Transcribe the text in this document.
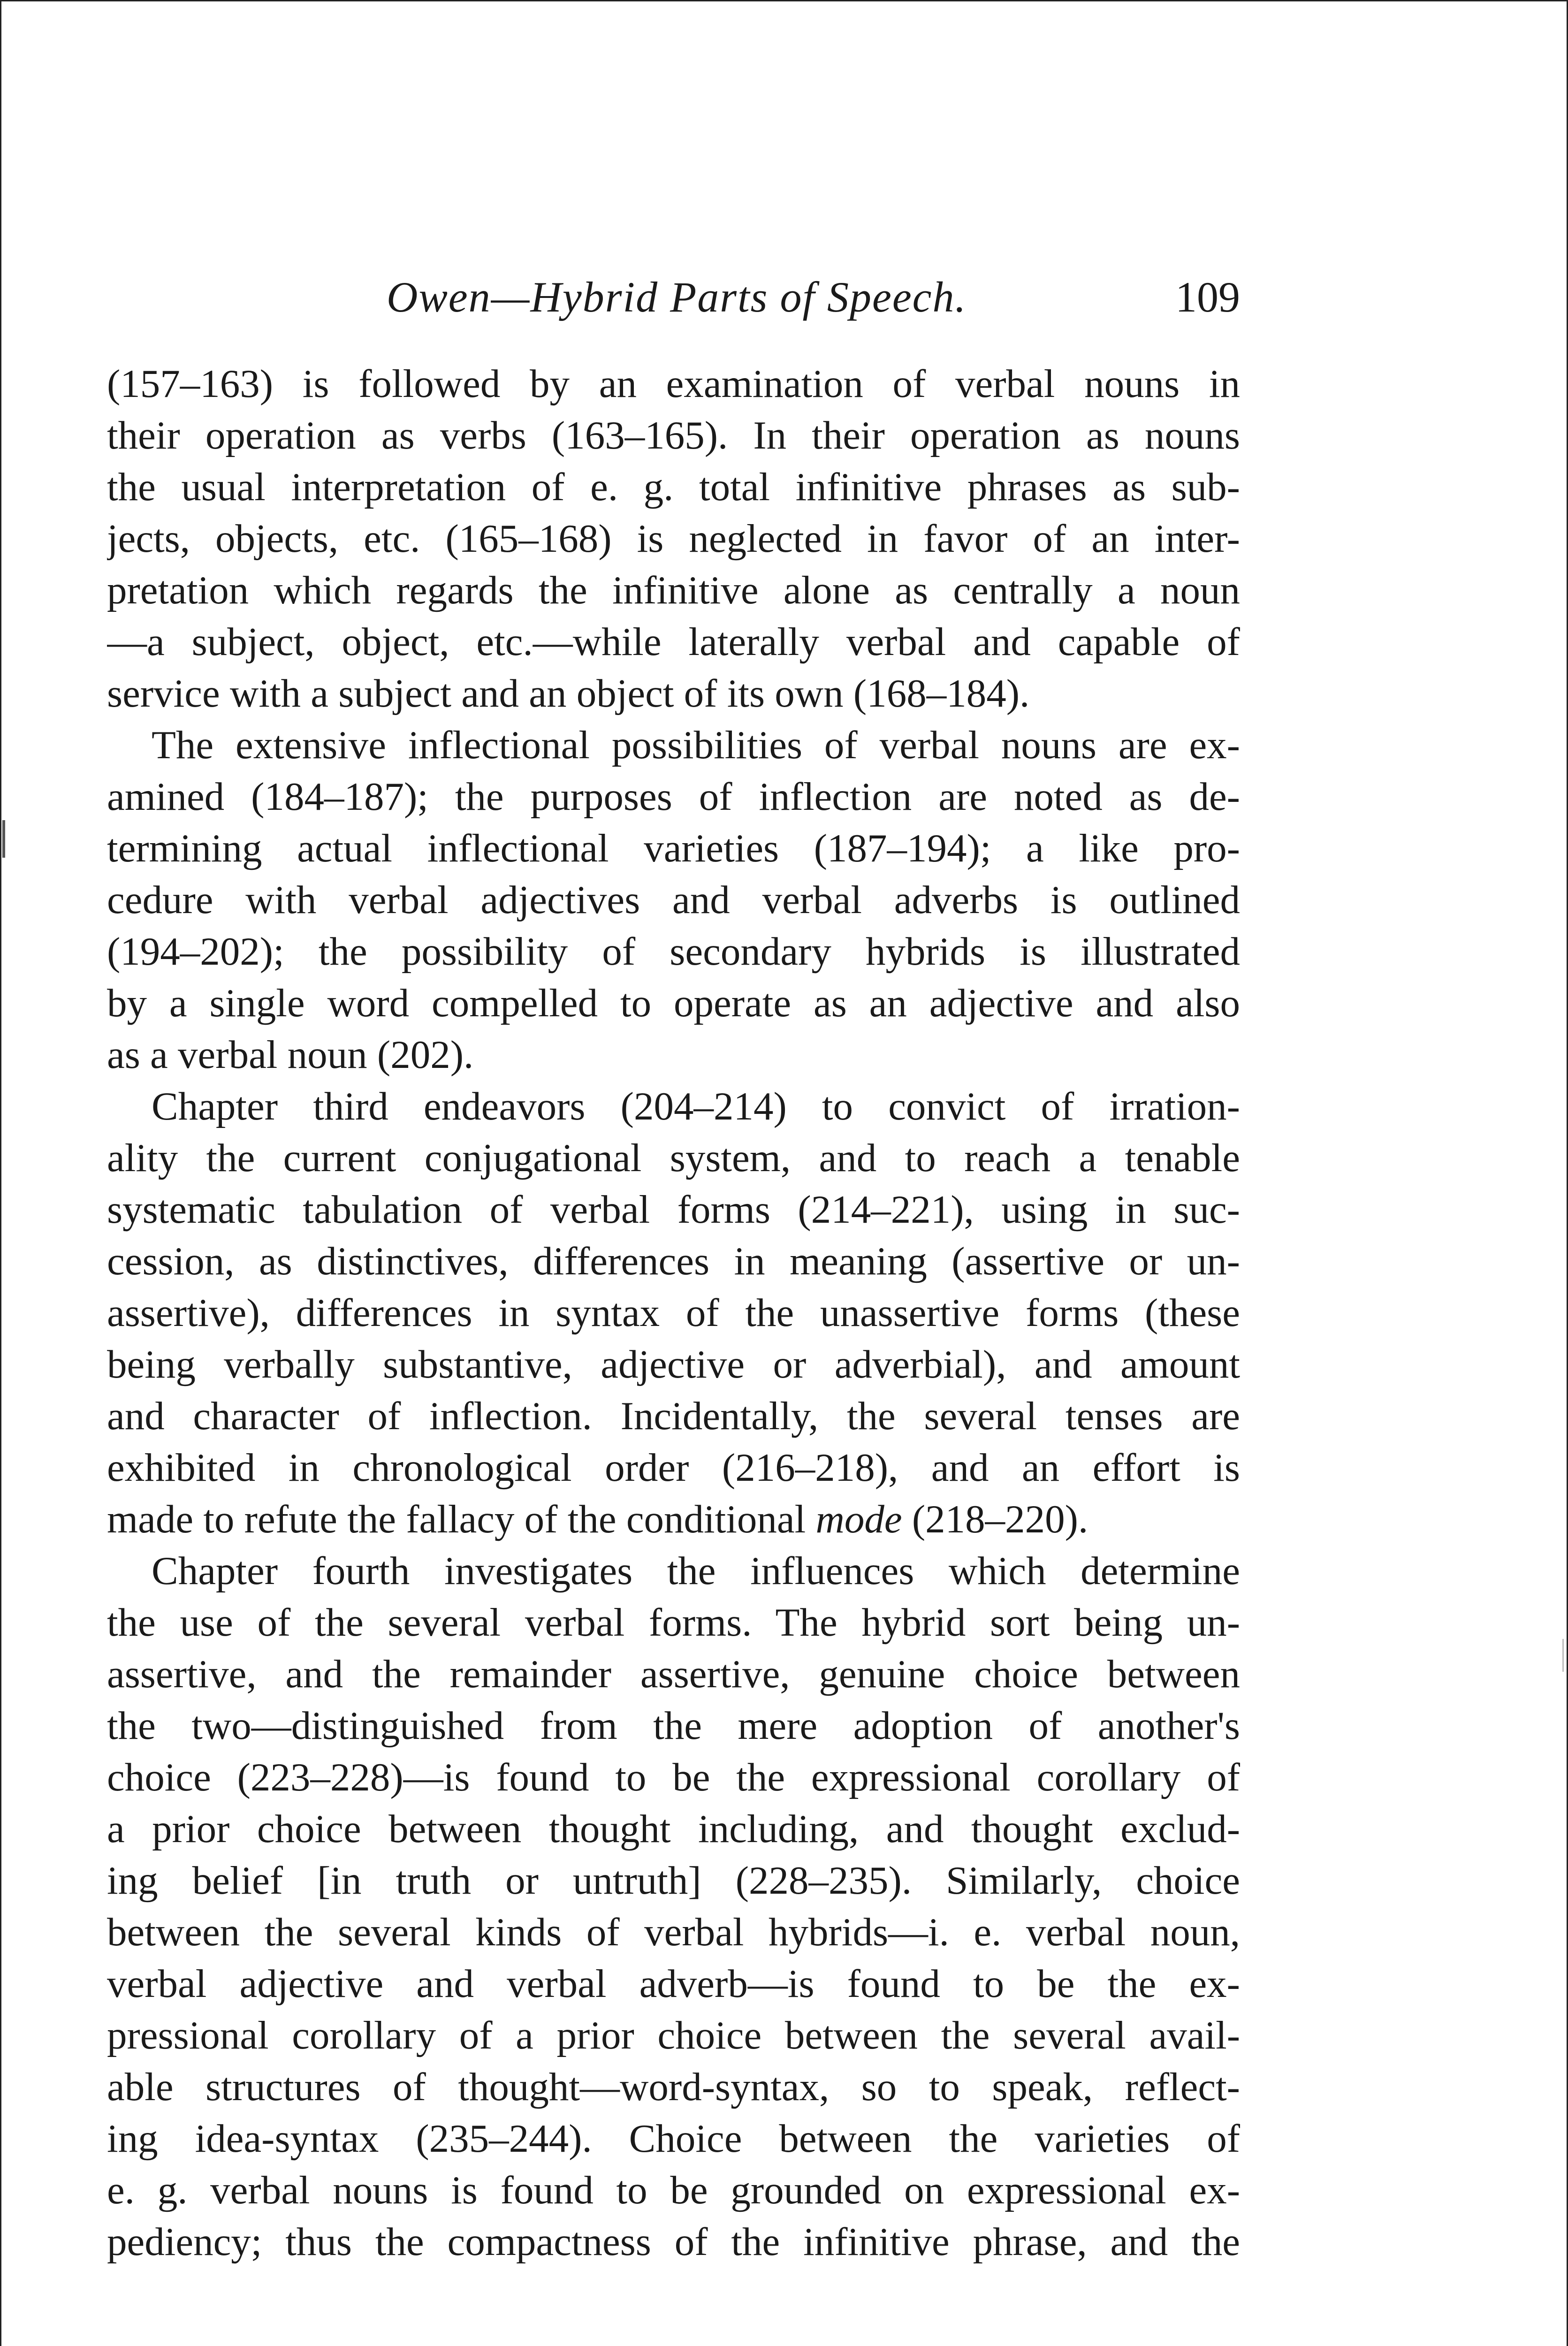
Owen—Hybrid Parts of Speech.	109
(157–163) is followed by an examination of verbal nouns in
their operation as verbs (163–165). In their operation as nouns
the usual interpretation of e. g. total infinitive phrases as sub-
jects, objects, etc. (165–168) is neglected in favor of an inter-
pretation which regards the infinitive alone as centrally a noun
—a subject, object, etc.—while laterally verbal and capable of
service with a subject and an object of its own (168–184).
The extensive inflectional possibilities of verbal nouns are ex-
amined (184–187); the purposes of inflection are noted as de-
termining actual inflectional varieties (187–194); a like pro-
cedure with verbal adjectives and verbal adverbs is outlined
(194–202); the possibility of secondary hybrids is illustrated
by a single word compelled to operate as an adjective and also
as a verbal noun (202).
Chapter third endeavors (204–214) to convict of irration-
ality the current conjugational system, and to reach a tenable
systematic tabulation of verbal forms (214–221), using in suc-
cession, as distinctives, differences in meaning (assertive or un-
assertive), differences in syntax of the unassertive forms (these
being verbally substantive, adjective or adverbial), and amount
and character of inflection. Incidentally, the several tenses are
exhibited in chronological order (216–218), and an effort is
made to refute the fallacy of the conditional mode (218–220).
Chapter fourth investigates the influences which determine
the use of the several verbal forms. The hybrid sort being un-
assertive, and the remainder assertive, genuine choice between
the two—distinguished from the mere adoption of another's
choice (223–228)—is found to be the expressional corollary of
a prior choice between thought including, and thought exclud-
ing belief [in truth or untruth] (228–235). Similarly, choice
between the several kinds of verbal hybrids—i. e. verbal noun,
verbal adjective and verbal adverb—is found to be the ex-
pressional corollary of a prior choice between the several avail-
able structures of thought—word-syntax, so to speak, reflect-
ing idea-syntax (235–244). Choice between the varieties of
e. g. verbal nouns is found to be grounded on expressional ex-
pediency; thus the compactness of the infinitive phrase, and the
